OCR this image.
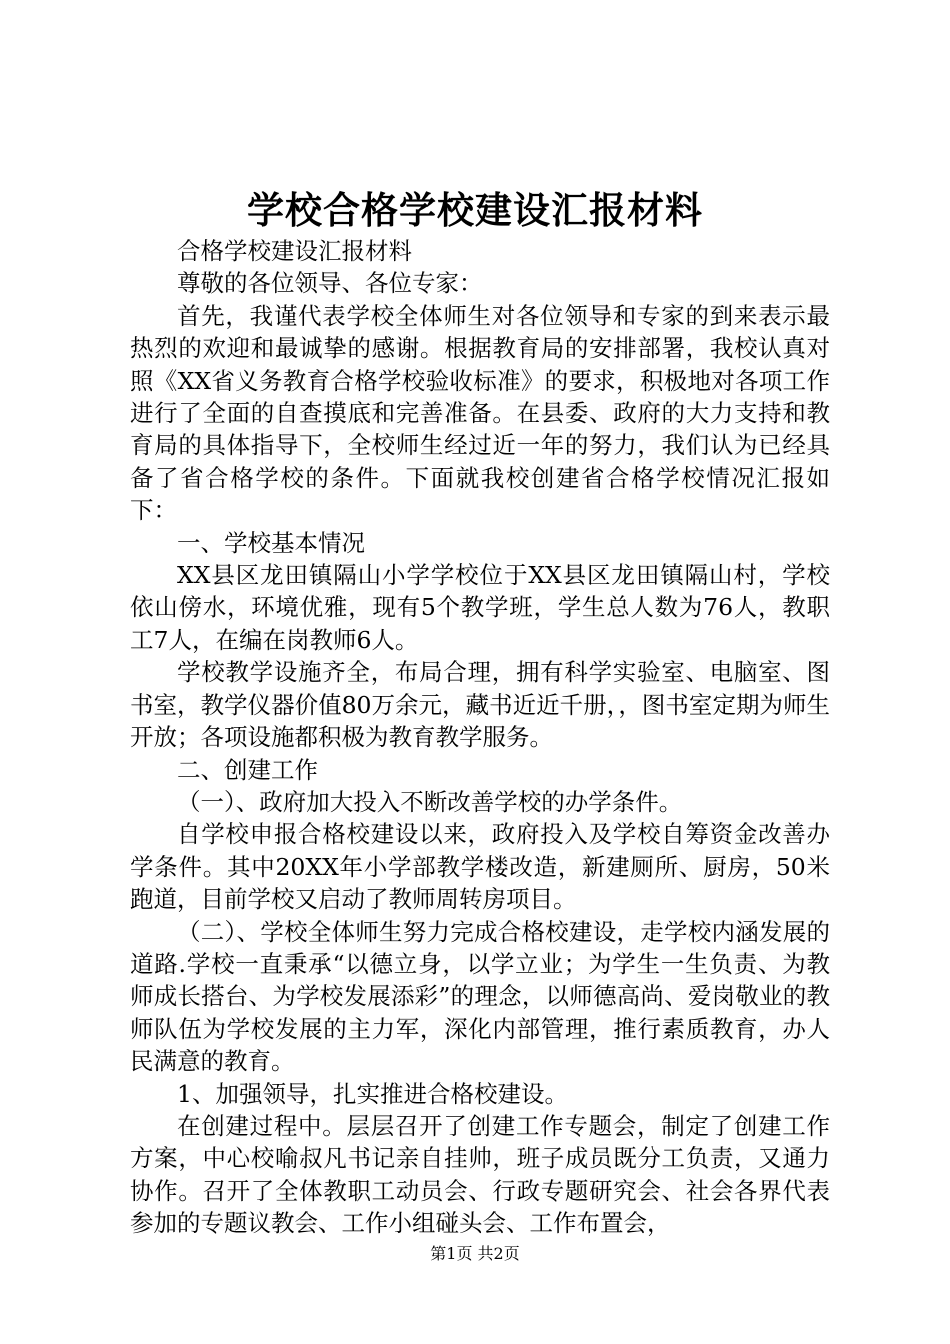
学校合格学校建设汇报材料

合格学校建设汇报材料

尊敬的各位领导、各位专家：

首先，我谨代表学校全体师生对各位领导和专家的到来表示最热烈的欢迎和最诚挚的感谢。根据教育局的安排部署，我校认真对照《XX省义务教育合格学校验收标准》的要求，积极地对各项工作进行了全面的自查摸底和完善准备。在县委、政府的大力支持和教育局的具体指导下，全校师生经过近一年的努力，我们认为已经具备了省合格学校的条件。下面就我校创建省合格学校情况汇报如下：

一、学校基本情况

XX县区龙田镇隔山小学学校位于XX县区龙田镇隔山村，学校依山傍水，环境优雅，现有5个教学班，学生总人数为76人，教职工7人，在编在岗教师6人。

学校教学设施齐全，布局合理，拥有科学实验室、电脑室、图书室，教学仪器价值80万余元，藏书近近千册，，图书室定期为师生开放；各项设施都积极为教育教学服务。

二、创建工作

（一）、政府加大投入不断改善学校的办学条件。

自学校申报合格校建设以来，政府投入及学校自筹资金改善办学条件。其中20XX年小学部教学楼改造，新建厕所、厨房，50米跑道，目前学校又启动了教师周转房项目。

（二）、学校全体师生努力完成合格校建设，走学校内涵发展的道路.学校一直秉承“以德立身，以学立业；为学生一生负责、为教师成长搭台、为学校发展添彩”的理念，以师德高尚、爱岗敬业的教师队伍为学校发展的主力军，深化内部管理，推行素质教育，办人民满意的教育。

1、加强领导，扎实推进合格校建设。

在创建过程中。层层召开了创建工作专题会，制定了创建工作方案，中心校喻叔凡书记亲自挂帅，班子成员既分工负责，又通力协作。召开了全体教职工动员会、行政专题研究会、社会各界代表参加的专题议教会、工作小组碰头会、工作布置会，

第1页 共2页
